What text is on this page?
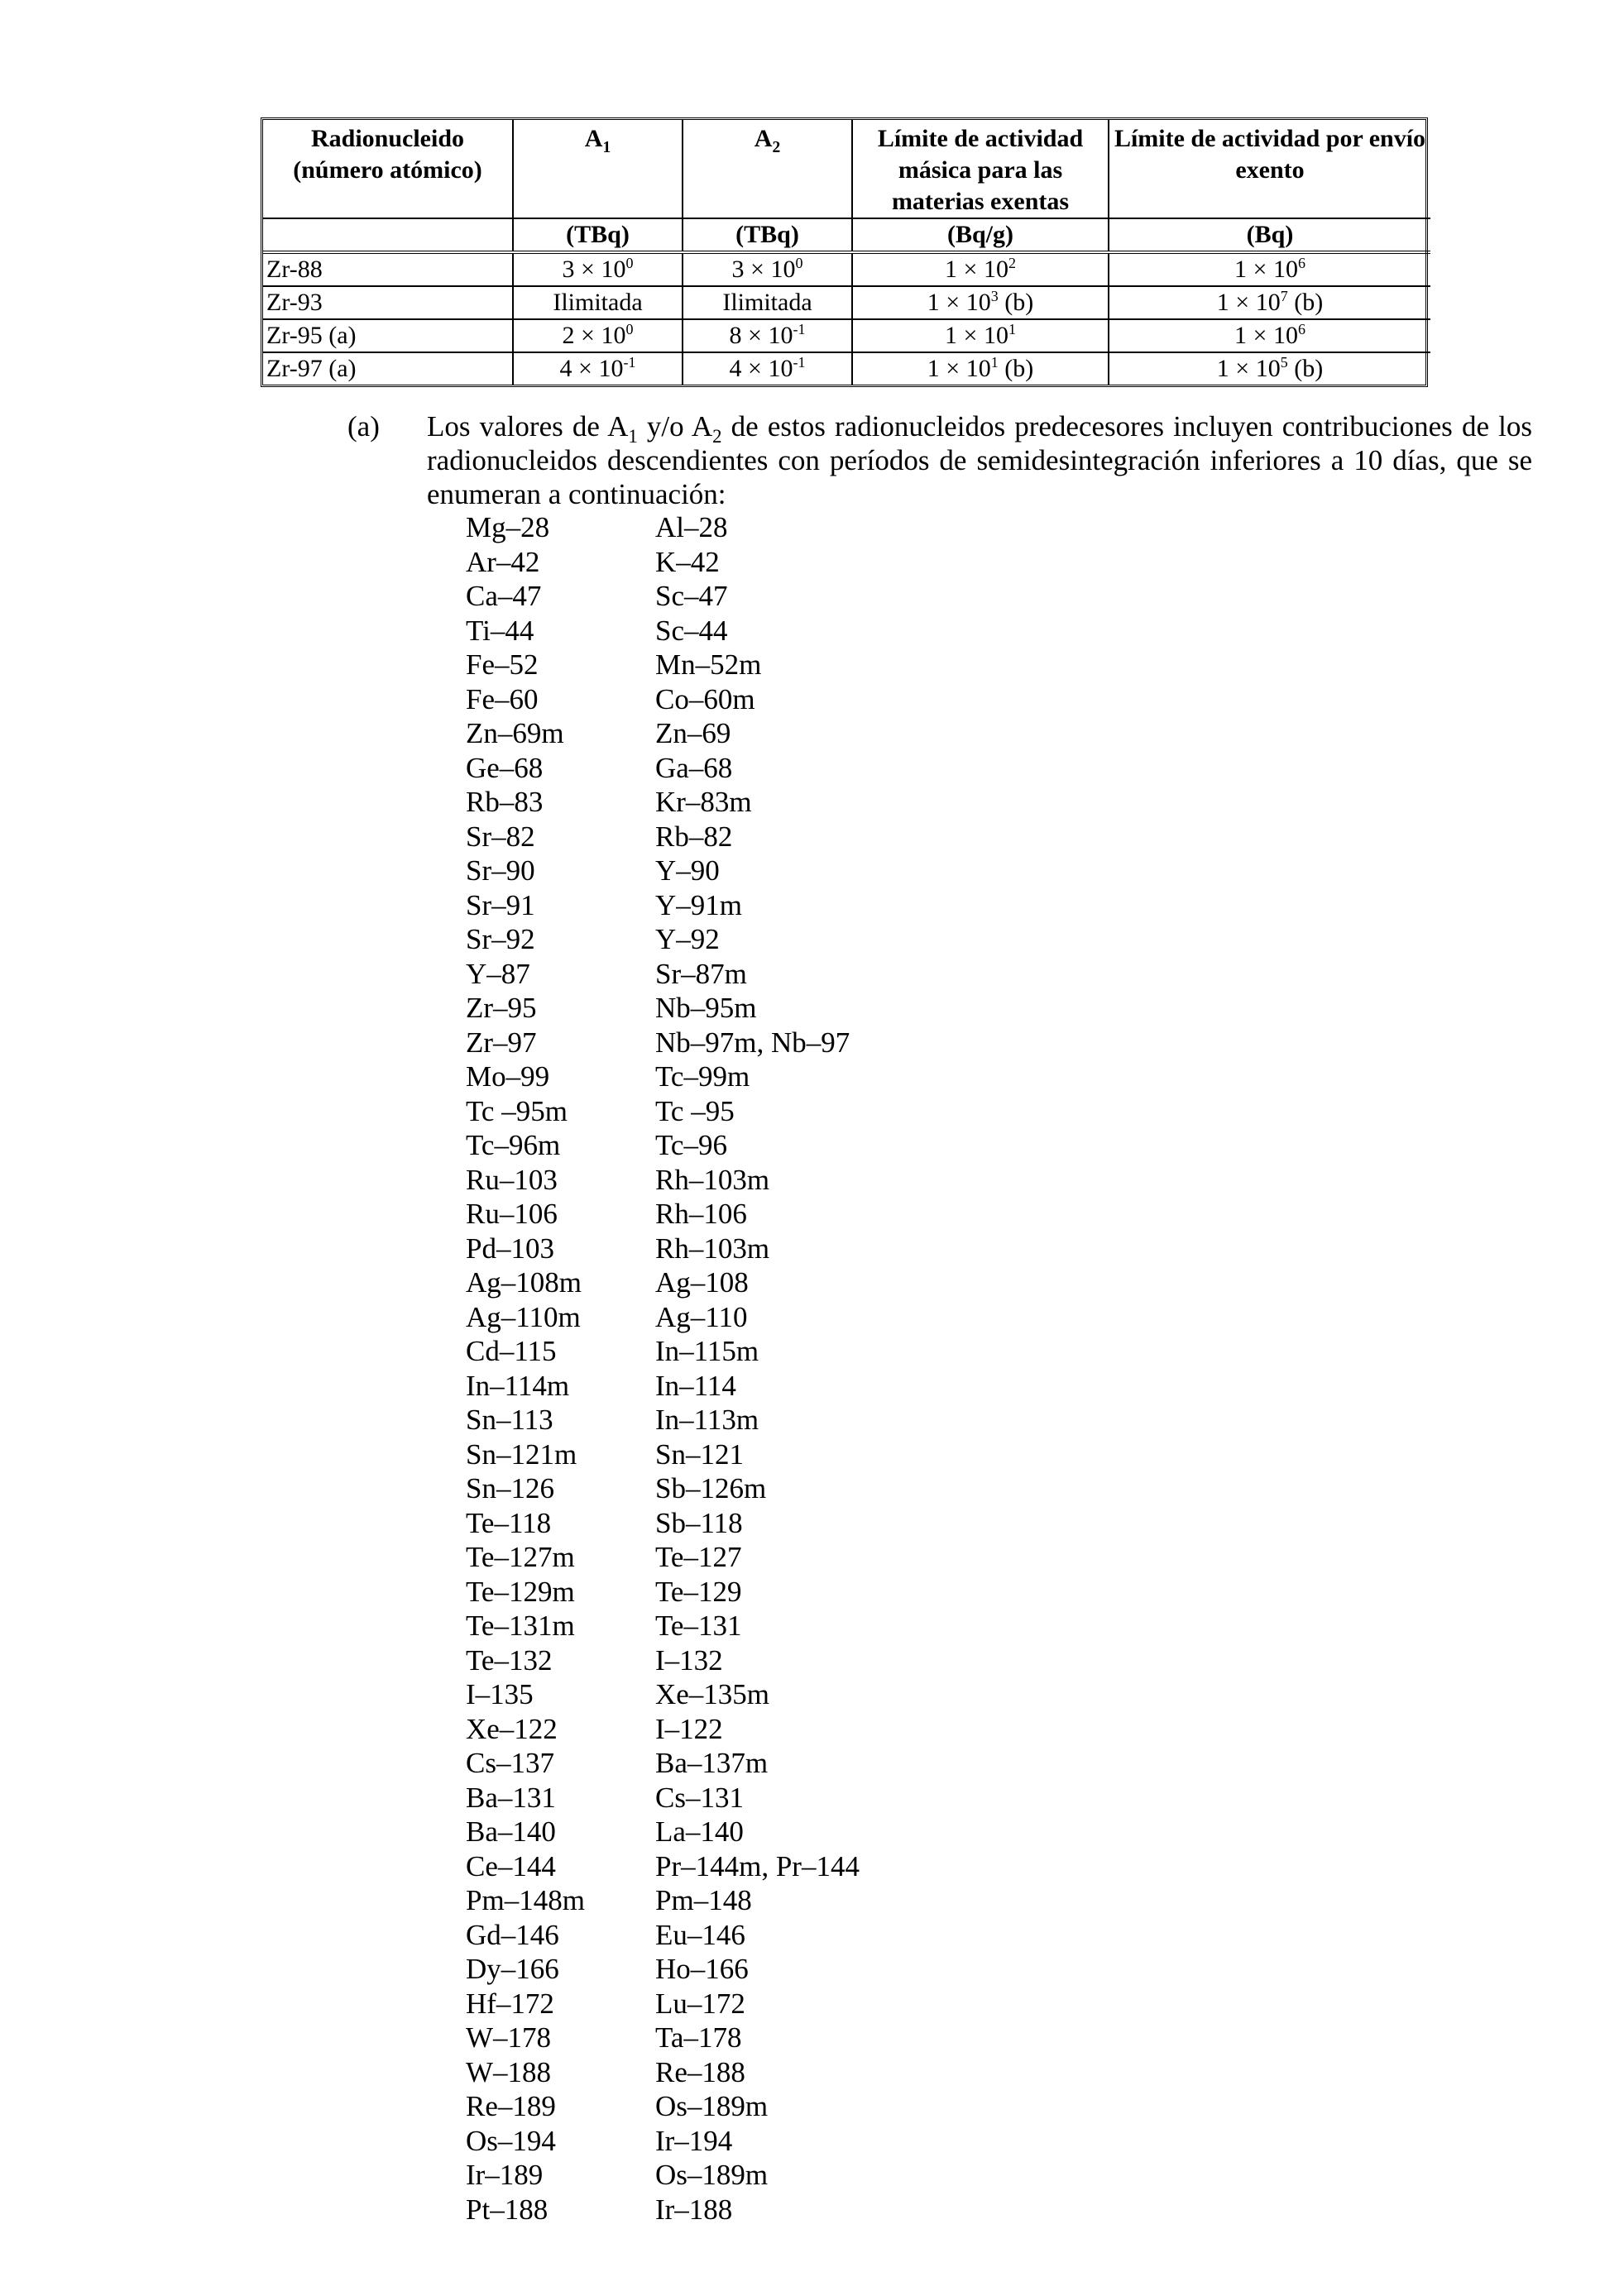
Radionucleido (número atómico)	$A_1$	$A_2$	Límite de actividad másica para las materias exentas	Límite de actividad por envío exento
	(TBq)	(TBq)	(Bq/g)	(Bq)
Zr-88	$3 \times 10^0$	$3 \times 10^0$	$1 \times 10^2$	$1 \times 10^6$
Zr-93	Ilimitada	Ilimitada	$1 \times 10^3$ (b)	$1 \times 10^7$ (b)
Zr-95 (a)	$2 \times 10^0$	$8 \times 10^{-1}$	$1 \times 10^1$	$1 \times 10^6$
Zr-97 (a)	$4 \times 10^{-1}$	$4 \times 10^{-1}$	$1 \times 10^1$ (b)	$1 \times 10^5$ (b)
(a) Los valores de $A_1$ y/o $A_2$ de estos radionucleidos predecesores incluyen contribuciones de los radionucleidos descendientes con períodos de semidesintegración inferiores a 10 días, que se enumeran a continuación:
Mg–28	Al–28
Ar–42	K–42
Ca–47	Sc–47
Ti–44	Sc–44
Fe–52	Mn–52m
Fe–60	Co–60m
Zn–69m	Zn–69
Ge–68	Ga–68
Rb–83	Kr–83m
Sr–82	Rb–82
Sr–90	Y–90
Sr–91	Y–91m
Sr–92	Y–92
Y–87	Sr–87m
Zr–95	Nb–95m
Zr–97	Nb–97m, Nb–97
Mo–99	Tc–99m
Tc –95m	Tc –95
Tc–96m	Tc–96
Ru–103	Rh–103m
Ru–106	Rh–106
Pd–103	Rh–103m
Ag–108m	Ag–108
Ag–110m	Ag–110
Cd–115	In–115m
In–114m	In–114
Sn–113	In–113m
Sn–121m	Sn–121
Sn–126	Sb–126m
Te–118	Sb–118
Te–127m	Te–127
Te–129m	Te–129
Te–131m	Te–131
Te–132	I–132
I–135	Xe–135m
Xe–122	I–122
Cs–137	Ba–137m
Ba–131	Cs–131
Ba–140	La–140
Ce–144	Pr–144m, Pr–144
Pm–148m Pm–148
Gd–146	Eu–146
Dy–166	Ho–166
Hf–172	Lu–172
W–178	Ta–178
W–188	Re–188
Re–189	Os–189m
Os–194	Ir–194
Ir–189	Os–189m
Pt–188	Ir–188
